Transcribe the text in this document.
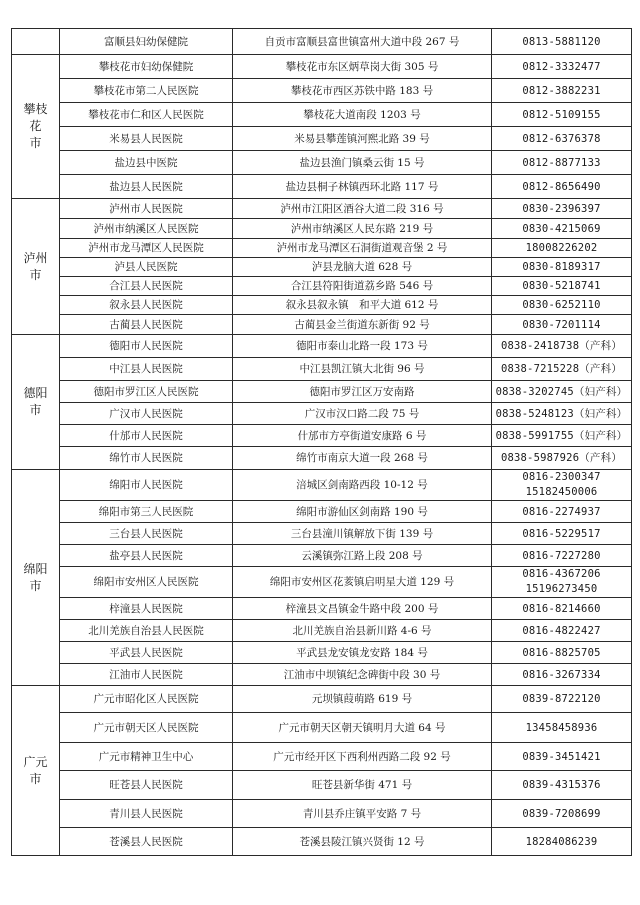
	富顺县妇幼保健院	自贡市富顺县富世镇富州大道中段 267 号	0813-5881120

攀枝花
市	攀枝花市妇幼保健院	攀枝花市东区炳草岗大街 305 号	0812-3332477
	攀枝花市第二人民医院	攀枝花市西区苏铁中路 183 号	0812-3882231
	攀枝花市仁和区人民医院	攀枝花大道南段 1203 号	0812-5109155
	米易县人民医院	米易县攀莲镇河熙北路 39 号	0812-6376378
	盐边县中医院	盐边县渔门镇桑云街 15 号	0812-8877133
	盐边县人民医院	盐边县桐子林镇西环北路 117 号	0812-8656490
泸州市	泸州市人民医院	泸州市江阳区酒谷大道二段 316 号	0830-2396397
	泸州市纳溪区人民医院	泸州市纳溪区人民东路 219 号	0830-4215069
	泸州市龙马潭区人民医院	泸州市龙马潭区石洞街道观音堡 2 号	18008226202
	泸县人民医院	泸县龙脑大道 628 号	0830-8189317
	合江县人民医院	合江县符阳街道荔乡路 546 号	0830-5218741
	叙永县人民医院	叙永县叙永镇　和平大道 612 号	0830-6252110
	古蔺县人民医院	古蔺县金兰街道东新街 92 号	0830-7201114
德阳市	德阳市人民医院	德阳市泰山北路一段 173 号	0838-2418738（产科）
	中江县人民医院	中江县凯江镇大北街 96 号	0838-7215228（产科）
	德阳市罗江区人民医院	德阳市罗江区万安南路	0838-3202745（妇产科）
	广汉市人民医院	广汉市汉口路二段 75 号	0838-5248123（妇产科）
	什邡市人民医院	什邡市方亭街道安康路 6 号	0838-5991755（妇产科）
	绵竹市人民医院	绵竹市南京大道一段 268 号	0838-5987926（产科）
绵阳市	绵阳市人民医院	涪城区剑南路西段 10-12 号	0816-2300347
15182450006

	绵阳市第三人民医院	绵阳市游仙区剑南路 190 号	0816-2274937
	三台县人民医院	三台县潼川镇解放下街 139 号	0816-5229517
	盐亭县人民医院	云溪镇弥江路上段 208 号	0816-7227280
	绵阳市安州区人民医院	绵阳市安州区花荄镇启明星大道 129 号	0816-4367206
15196273450

	梓潼县人民医院	梓潼县文昌镇金牛路中段 200 号	0816-8214660
	北川羌族自治县人民医院	北川羌族自治县新川路 4-6 号	0816-4822427
	平武县人民医院	平武县龙安镇龙安路 184 号	0816-8825705
	江油市人民医院	江油市中坝镇纪念碑街中段 30 号	0816-3267334
广元市	广元市昭化区人民医院	元坝镇葭萌路 619 号	0839-8722120
	广元市朝天区人民医院	广元市朝天区朝天镇明月大道 64 号	13458458936
	广元市精神卫生中心	广元市经开区下西利州西路二段 92 号	0839-3451421
	旺苍县人民医院	旺苍县新华街 471 号	0839-4315376
	青川县人民医院	青川县乔庄镇平安路 7 号	0839-7208699
	苍溪县人民医院	苍溪县陵江镇兴贤街 12 号	18284086239
